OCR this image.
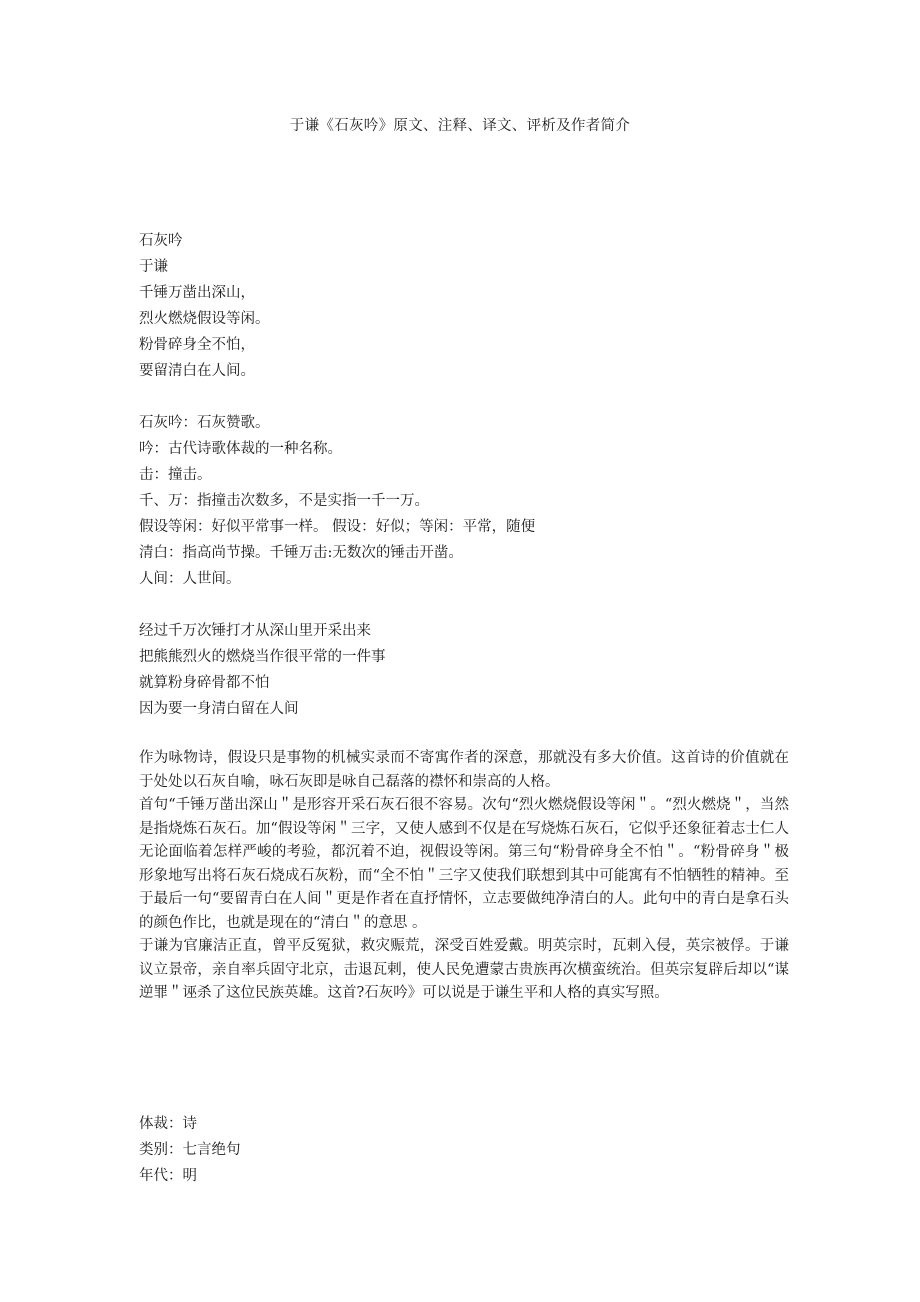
于谦《石灰吟》原文、注释、译文、评析及作者简介
石灰吟
于谦
千锤万凿出深山，
烈火燃烧假设等闲。
粉骨碎身全不怕，
要留清白在人间。
石灰吟：石灰赞歌。
吟：古代诗歌体裁的一种名称。
击：撞击。
千、万：指撞击次数多，不是实指一千一万。
假设等闲：好似平常事一样。 假设：好似；等闲：平常，随便
清白：指高尚节操。千锤万击:无数次的锤击开凿。
人间：人世间。
经过千万次锤打才从深山里开采出来
把熊熊烈火的燃烧当作很平常的一件事
就算粉身碎骨都不怕
因为要一身清白留在人间
作为咏物诗，假设只是事物的机械实录而不寄寓作者的深意，那就没有多大价值。这首诗的价值就在于处处以石灰自喻，咏石灰即是咏自己磊落的襟怀和崇高的人格。
首句“千锤万凿出深山＂是形容开采石灰石很不容易。次句“烈火燃烧假设等闲＂。“烈火燃烧＂，当然是指烧炼石灰石。加“假设等闲＂三字，又使人感到不仅是在写烧炼石灰石，它似乎还象征着志士仁人无论面临着怎样严峻的考验，都沉着不迫，视假设等闲。第三句“粉骨碎身全不怕＂。“粉骨碎身＂极形象地写出将石灰石烧成石灰粉，而“全不怕＂三字又使我们联想到其中可能寓有不怕牺牲的精神。至于最后一句“要留青白在人间＂更是作者在直抒情怀，立志要做纯净清白的人。此句中的青白是拿石头的颜色作比，也就是现在的“清白＂的意思 。
于谦为官廉洁正直，曾平反冤狱，救灾赈荒，深受百姓爱戴。明英宗时，瓦剌入侵，英宗被俘。于谦议立景帝，亲自率兵固守北京，击退瓦剌，使人民免遭蒙古贵族再次横蛮统治。但英宗复辟后却以“谋逆罪＂诬杀了这位民族英雄。这首?石灰吟》可以说是于谦生平和人格的真实写照。
体裁：诗
类别：七言绝句
年代：明
